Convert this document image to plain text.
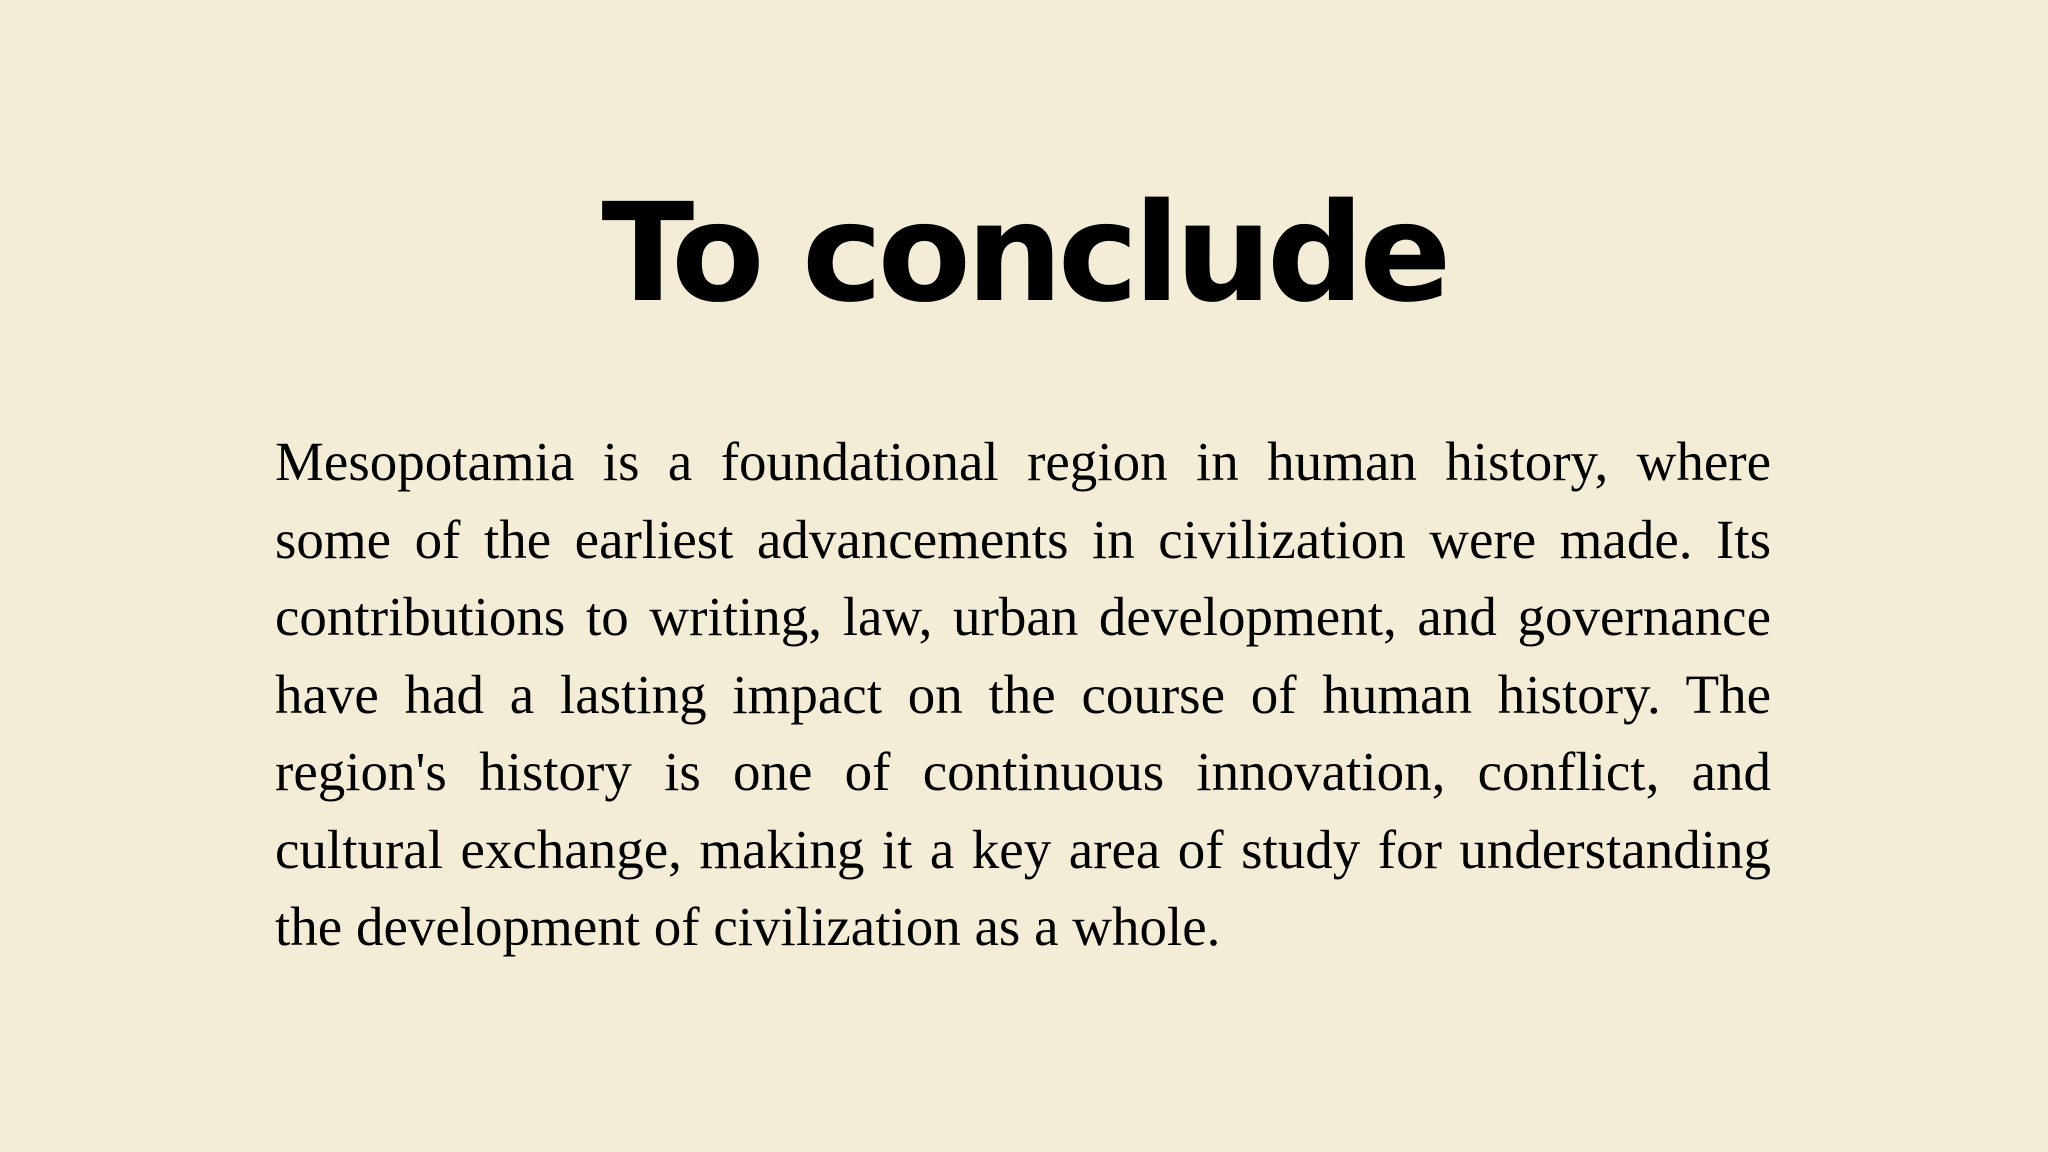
Mesopotamia is a foundational region in human history, where some of the earliest advancements in civilization were made. Its contributions to writing, law, urban development, and governance have had a lasting impact on the course of human history. The region's history is one of continuous innovation, conflict, and cultural exchange, making it a key area of study for understanding the development of civilization as a whole.

To conclude
